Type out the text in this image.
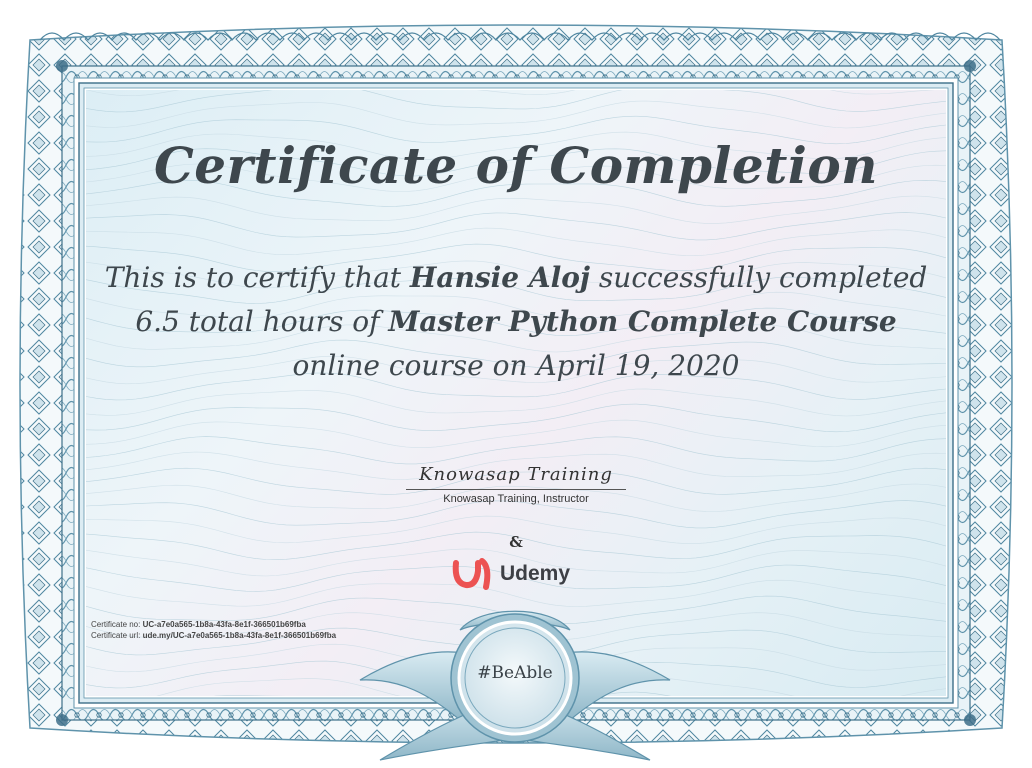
Certificate of Completion
This is to certify that Hansie Aloj successfully completed 6.5 total hours of Master Python Complete Course online course on April 19, 2020
Knowasap Training
Knowasap Training, Instructor
&
Udemy
Certificate no: UC-a7e0a565-1b8a-43fa-8e1f-366501b69fba
Certificate url: ude.my/UC-a7e0a565-1b8a-43fa-8e1f-366501b69fba
#BeAble
